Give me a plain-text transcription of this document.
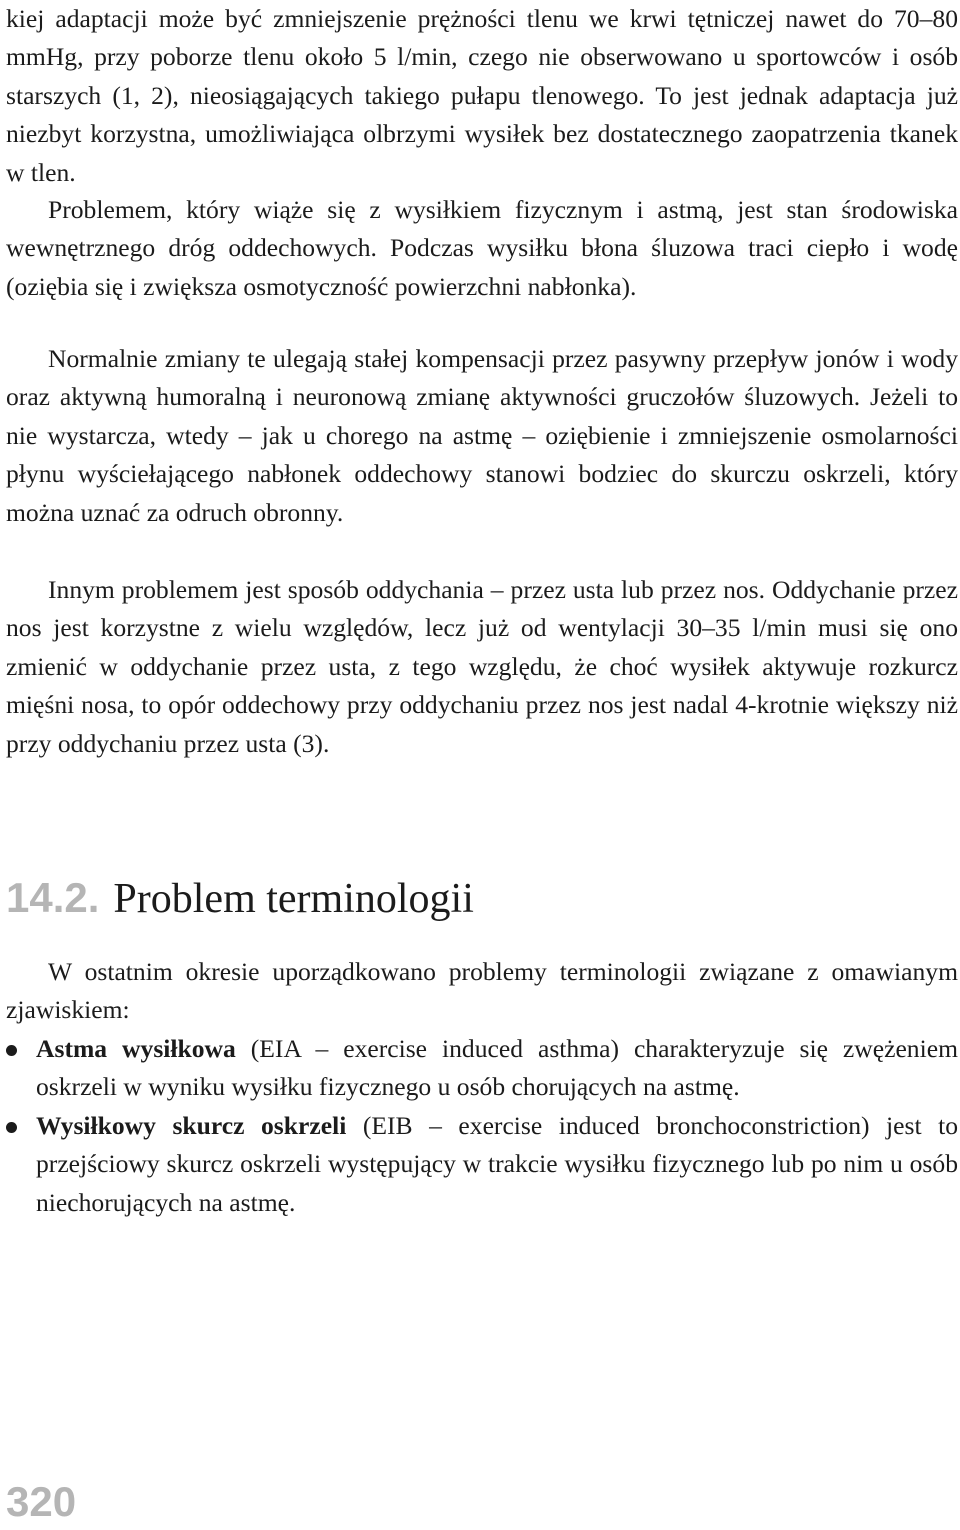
kiej adaptacji może być zmniejszenie prężności tlenu we krwi tętniczej nawet do 70–80 mmHg, przy poborze tlenu około 5 l/min, czego nie obserwowano u sportowców i osób starszych (1, 2), nieosiągających takiego pułapu tlenowego. To jest jednak adaptacja już niezbyt korzystna, umożliwiająca olbrzymi wysiłek bez dostatecznego zaopatrzenia tkanek w tlen.

Problemem, który wiąże się z wysiłkiem fizycznym i astmą, jest stan środowiska wewnętrznego dróg oddechowych. Podczas wysiłku błona śluzowa traci ciepło i wodę (oziębia się i zwiększa osmotyczność powierzchni nabłonka).

Normalnie zmiany te ulegają stałej kompensacji przez pasywny przepływ jonów i wody oraz aktywną humoralną i neuronową zmianę aktywności gruczołów śluzowych. Jeżeli to nie wystarcza, wtedy – jak u chorego na astmę – oziębienie i zmniejszenie osmolarności płynu wyściełającego nabłonek oddechowy stanowi bodziec do skurczu oskrzeli, który można uznać za odruch obronny.

Innym problemem jest sposób oddychania – przez usta lub przez nos. Oddychanie przez nos jest korzystne z wielu względów, lecz już od wentylacji 30–35 l/min musi się ono zmienić w oddychanie przez usta, z tego względu, że choć wysiłek aktywuje rozkurcz mięśni nosa, to opór oddechowy przy oddychaniu przez nos jest nadal 4-krotnie większy niż przy oddychaniu przez usta (3).

14.2. Problem terminologii

W ostatnim okresie uporządkowano problemy terminologii związane z omawianym zjawiskiem:

Astma wysiłkowa (EIA – exercise induced asthma) charakteryzuje się zwężeniem oskrzeli w wyniku wysiłku fizycznego u osób chorujących na astmę.
Wysiłkowy skurcz oskrzeli (EIB – exercise induced bronchoconstriction) jest to przejściowy skurcz oskrzeli występujący w trakcie wysiłku fizycznego lub po nim u osób niechorujących na astmę.
320
